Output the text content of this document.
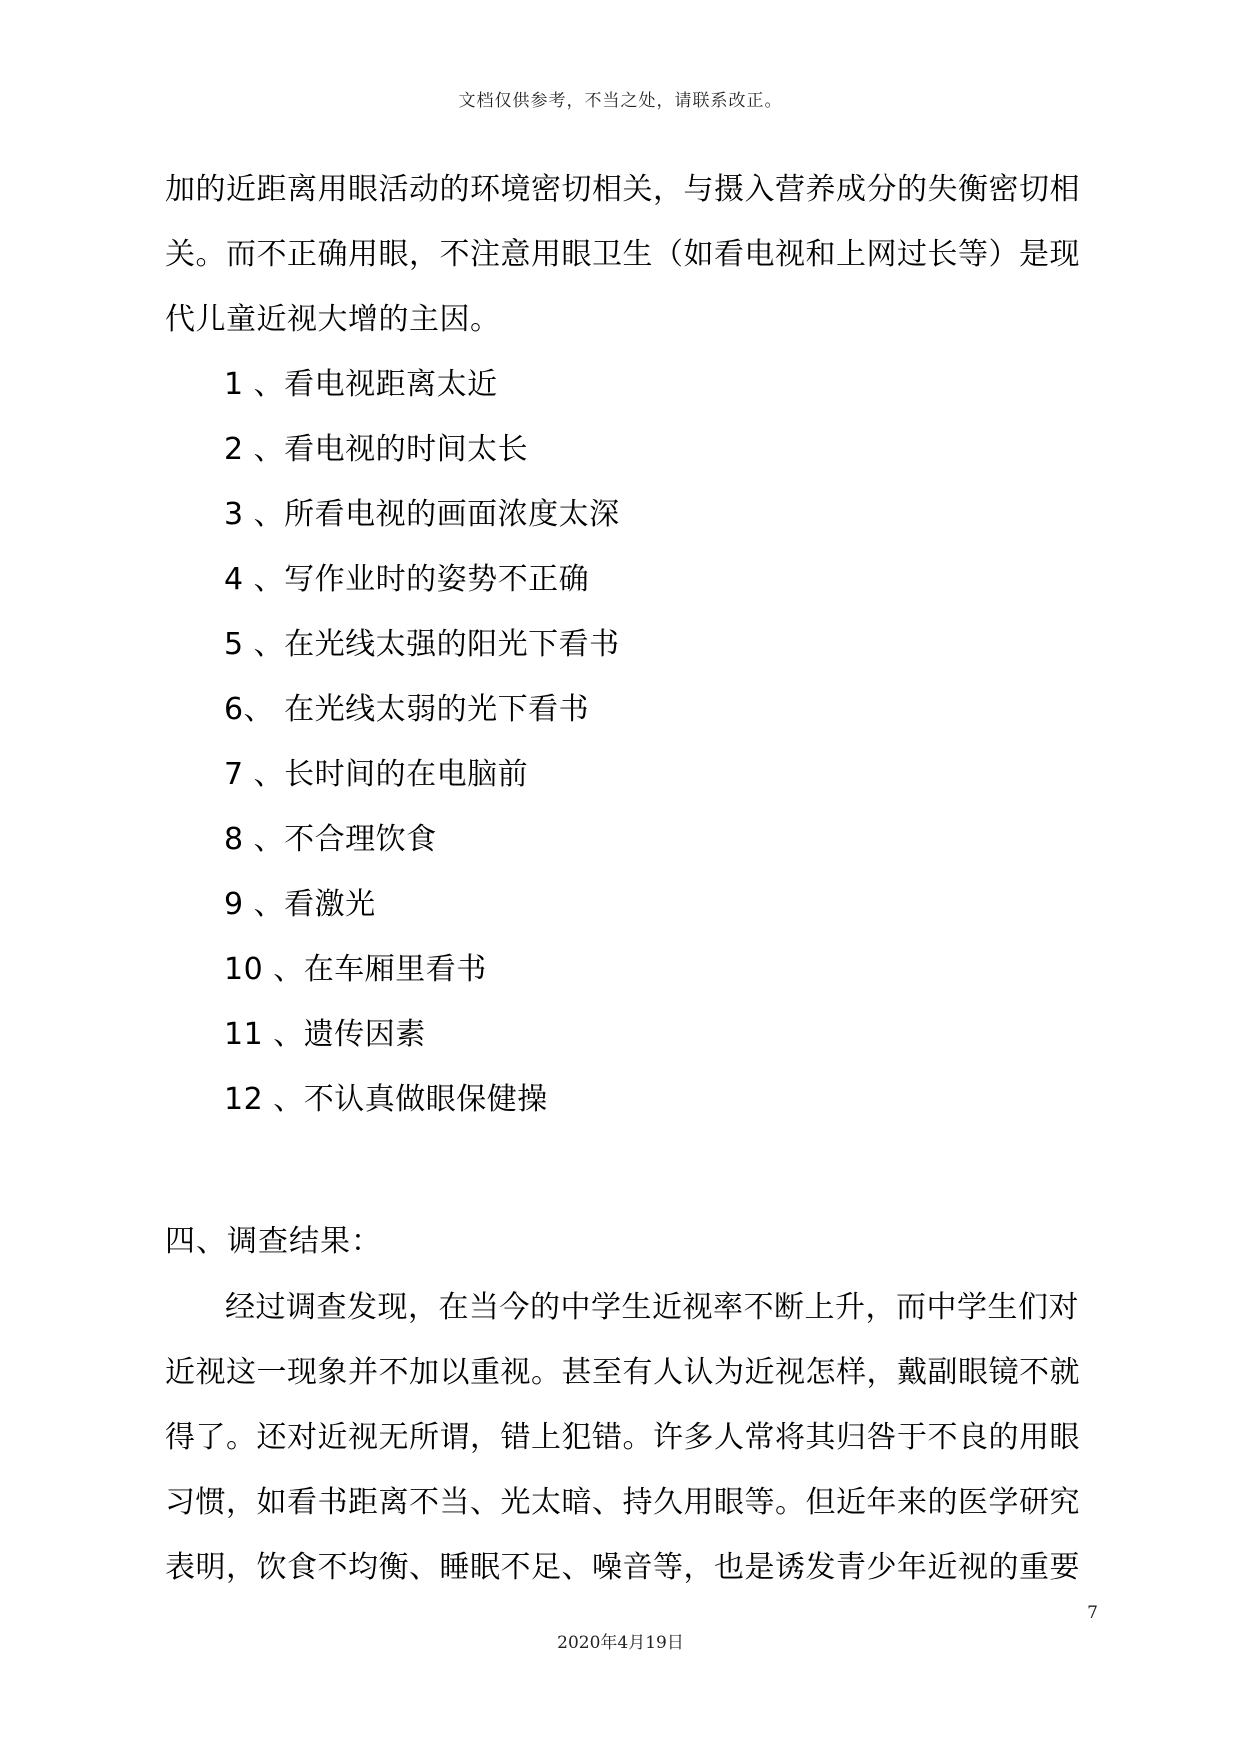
文档仅供参考，不当之处，请联系改正。
加的近距离用眼活动的环境密切相关，与摄入营养成分的失衡密切相关。而不正确用眼，不注意用眼卫生（如看电视和上网过长等）是现代儿童近视大增的主因。
1 、看电视距离太近
2 、看电视的时间太长
3 、所看电视的画面浓度太深
4 、写作业时的姿势不正确
5 、在光线太强的阳光下看书
6、 在光线太弱的光下看书
7 、长时间的在电脑前
8 、不合理饮食
9 、看激光
10 、在车厢里看书
11 、遗传因素
12 、不认真做眼保健操
四、调查结果：
经过调查发现，在当今的中学生近视率不断上升，而中学生们对近视这一现象并不加以重视。甚至有人认为近视怎样，戴副眼镜不就得了。还对近视无所谓，错上犯错。许多人常将其归咎于不良的用眼习惯，如看书距离不当、光太暗、持久用眼等。但近年来的医学研究表明，饮食不均衡、睡眠不足、噪音等，也是诱发青少年近视的重要
7
2020年4月19日
